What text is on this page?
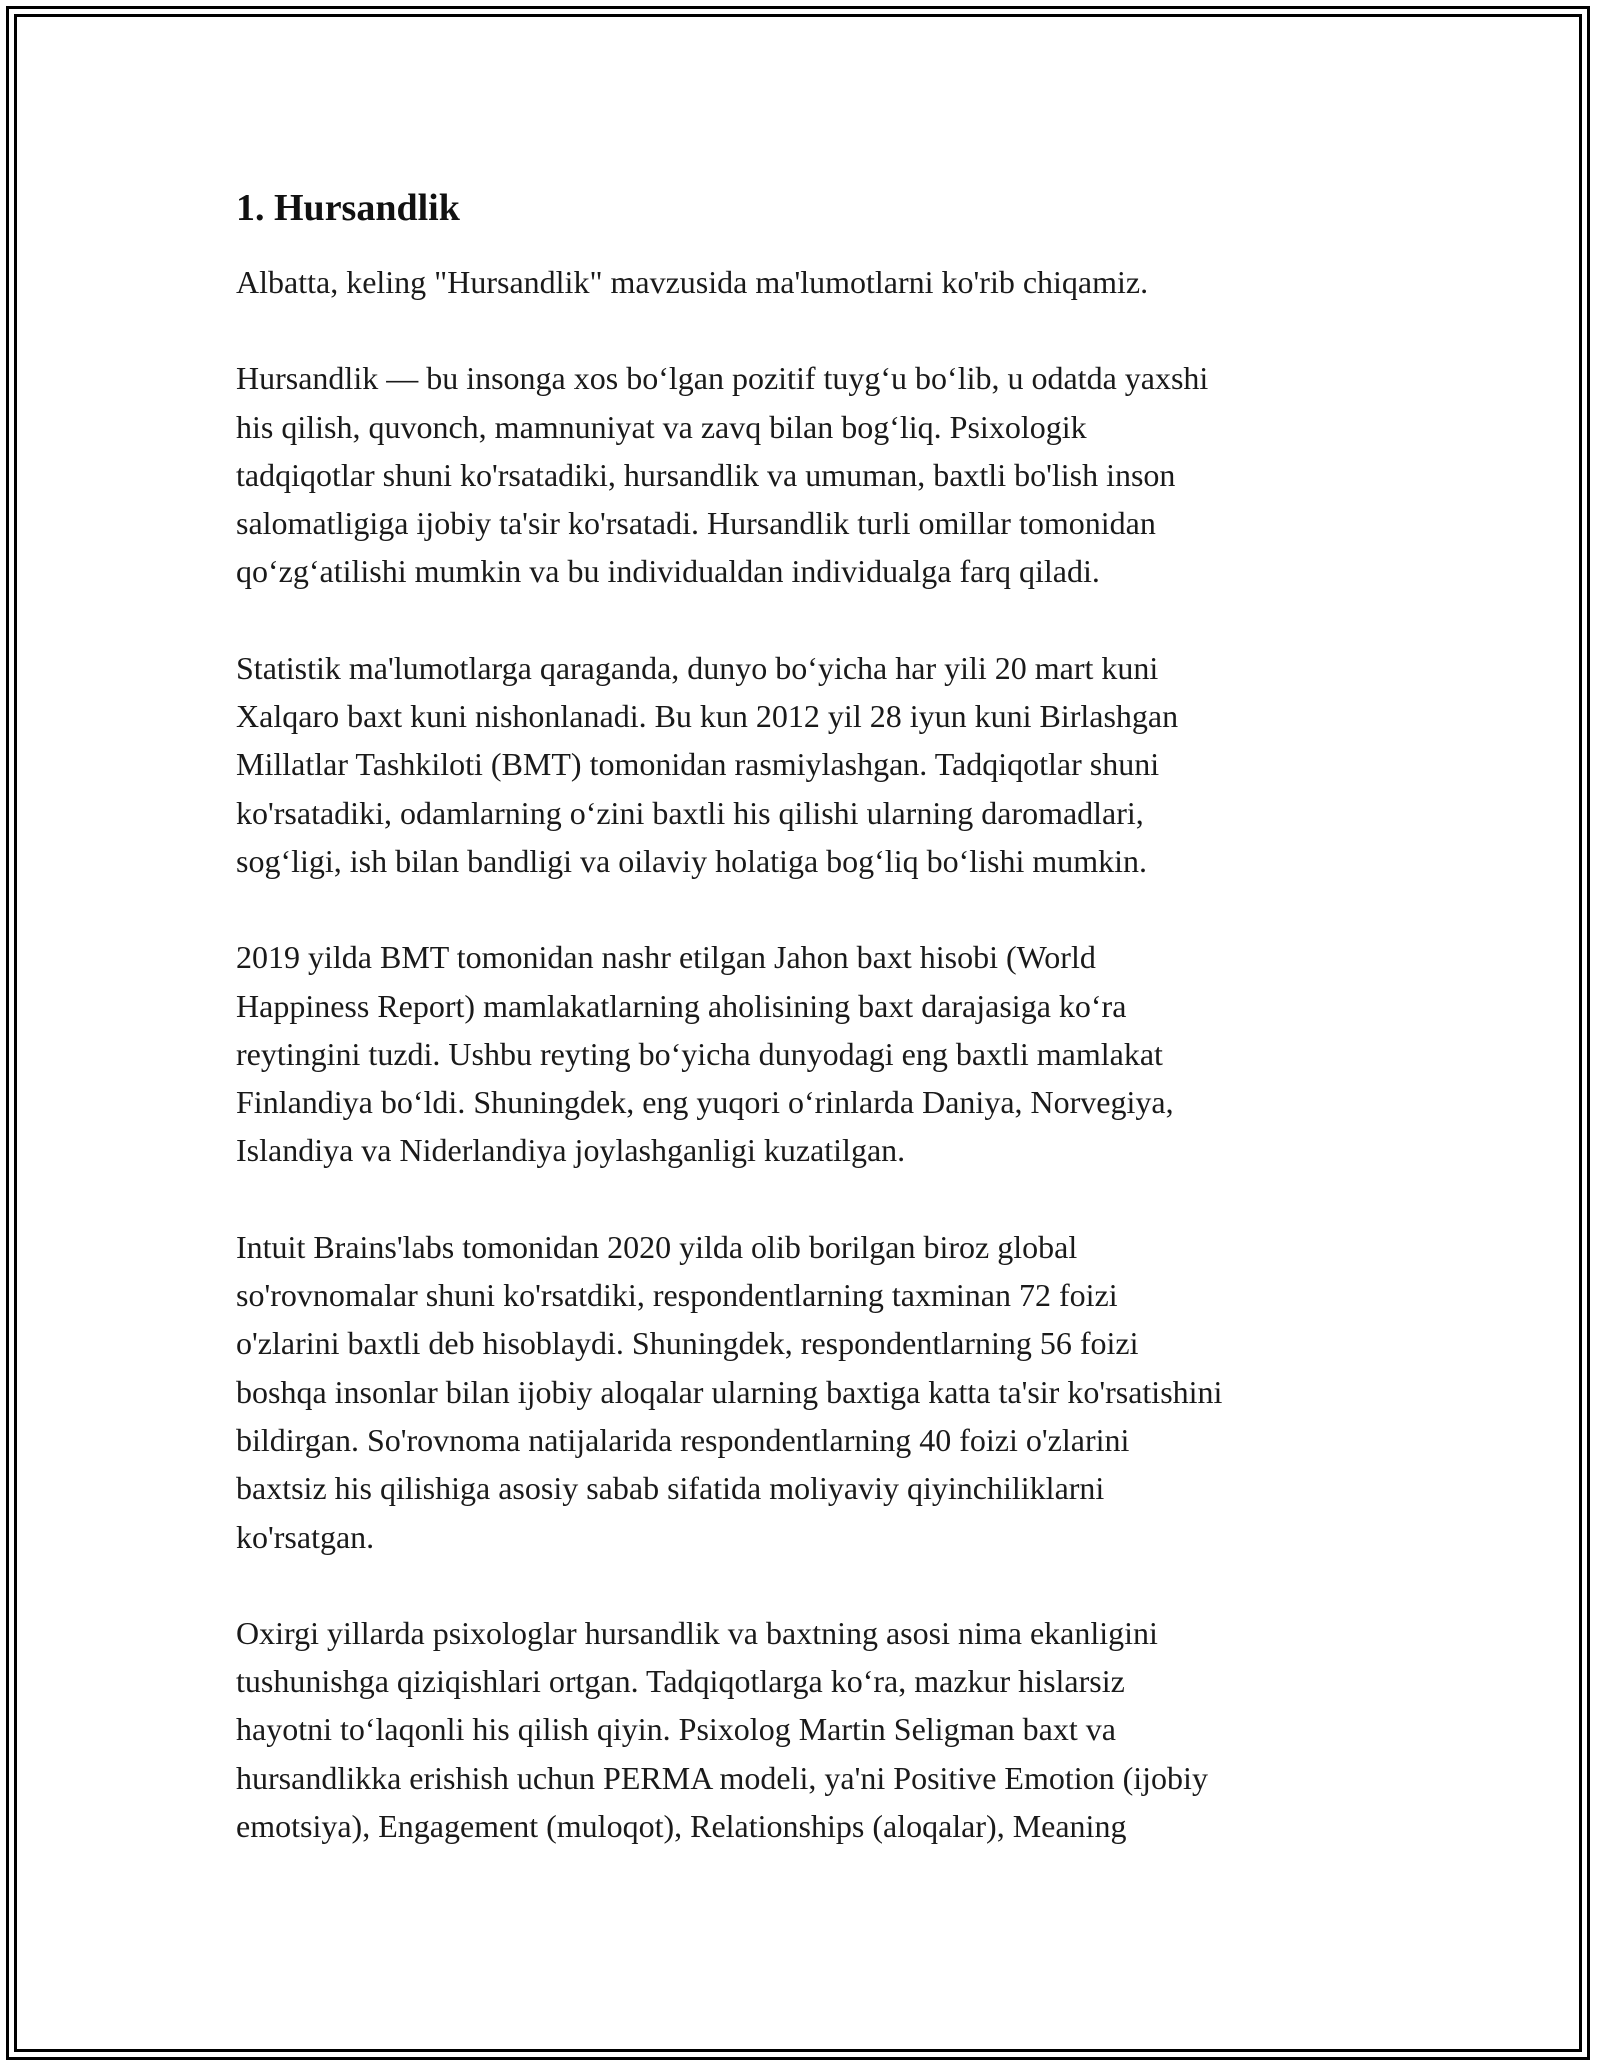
1. Hursandlik

Albatta, keling "Hursandlik" mavzusida ma'lumotlarni ko'rib chiqamiz.

Hursandlik — bu insonga xos boʻlgan pozitif tuygʻu boʻlib, u odatda yaxshi
his qilish, quvonch, mamnuniyat va zavq bilan bogʻliq. Psixologik
tadqiqotlar shuni ko'rsatadiki, hursandlik va umuman, baxtli bo'lish inson
salomatligiga ijobiy ta'sir ko'rsatadi. Hursandlik turli omillar tomonidan
qoʻzgʻatilishi mumkin va bu individualdan individualga farq qiladi.

Statistik ma'lumotlarga qaraganda, dunyo boʻyicha har yili 20 mart kuni
Xalqaro baxt kuni nishonlanadi. Bu kun 2012 yil 28 iyun kuni Birlashgan
Millatlar Tashkiloti (BMT) tomonidan rasmiylashgan. Tadqiqotlar shuni
ko'rsatadiki, odamlarning oʻzini baxtli his qilishi ularning daromadlari,
sogʻligi, ish bilan bandligi va oilaviy holatiga bogʻliq boʻlishi mumkin.

2019 yilda BMT tomonidan nashr etilgan Jahon baxt hisobi (World
Happiness Report) mamlakatlarning aholisining baxt darajasiga koʻra
reytingini tuzdi. Ushbu reyting boʻyicha dunyodagi eng baxtli mamlakat
Finlandiya boʻldi. Shuningdek, eng yuqori oʻrinlarda Daniya, Norvegiya,
Islandiya va Niderlandiya joylashganligi kuzatilgan.

Intuit Brains'labs tomonidan 2020 yilda olib borilgan biroz global
so'rovnomalar shuni ko'rsatdiki, respondentlarning taxminan 72 foizi
o'zlarini baxtli deb hisoblaydi. Shuningdek, respondentlarning 56 foizi
boshqa insonlar bilan ijobiy aloqalar ularning baxtiga katta ta'sir ko'rsatishini
bildirgan. So'rovnoma natijalarida respondentlarning 40 foizi o'zlarini
baxtsiz his qilishiga asosiy sabab sifatida moliyaviy qiyinchiliklarni
ko'rsatgan.

Oxirgi yillarda psixologlar hursandlik va baxtning asosi nima ekanligini
tushunishga qiziqishlari ortgan. Tadqiqotlarga koʻra, mazkur hislarsiz
hayotni toʻlaqonli his qilish qiyin. Psixolog Martin Seligman baxt va
hursandlikka erishish uchun PERMA modeli, ya'ni Positive Emotion (ijobiy
emotsiya), Engagement (muloqot), Relationships (aloqalar), Meaning
